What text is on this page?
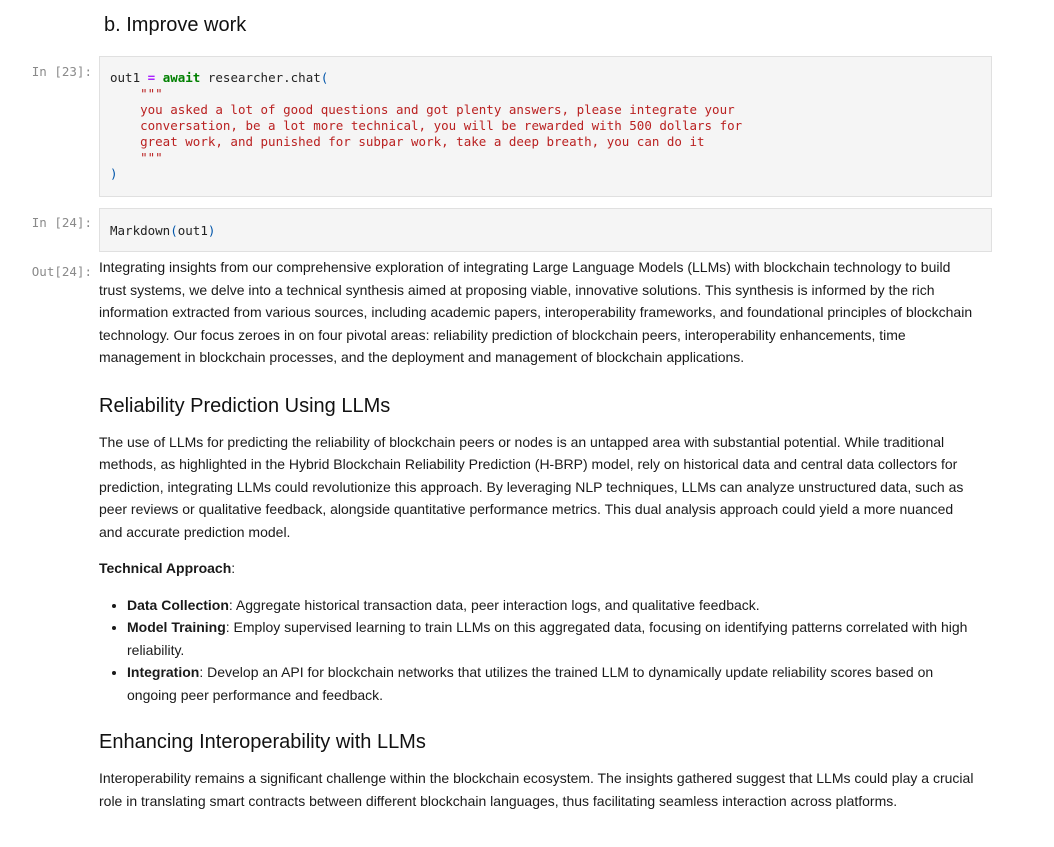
b. Improve work
In [23]: out1 = await researcher.chat(
"""
you asked a lot of good questions and got plenty answers, please integrate your
conversation, be a lot more technical, you will be rewarded with 500 dollars for
great work, and punished for subpar work, take a deep breath, you can do it
"""
)
In [24]:
Markdown(out1)
Out[24]: Integrating insights from our comprehensive exploration of integrating Large Language Models (LLMs) with blockchain technology to build trust systems, we delve into a technical synthesis aimed at proposing viable, innovative solutions. This synthesis is informed by the rich information extracted from various sources, including academic papers, interoperability frameworks, and foundational principles of blockchain technology. Our focus zeroes in on four pivotal areas: reliability prediction of blockchain peers, interoperability enhancements, time management in blockchain processes, and the deployment and management of blockchain applications.

Reliability Prediction Using LLMs

The use of LLMs for predicting the reliability of blockchain peers or nodes is an untapped area with substantial potential. While traditional methods, as highlighted in the Hybrid Blockchain Reliability Prediction (H-BRP) model, rely on historical data and central data collectors for prediction, integrating LLMs could revolutionize this approach. By leveraging NLP techniques, LLMs can analyze unstructured data, such as peer reviews or qualitative feedback, alongside quantitative performance metrics. This dual analysis approach could yield a more nuanced and accurate prediction model.

Technical Approach:

• Data Collection: Aggregate historical transaction data, peer interaction logs, and qualitative feedback.
• Model Training: Employ supervised learning to train LLMs on this aggregated data, focusing on identifying patterns correlated with high reliability.
• Integration: Develop an API for blockchain networks that utilizes the trained LLM to dynamically update reliability scores based on ongoing peer performance and feedback.
Enhancing Interoperability with LLMs

Interoperability remains a significant challenge within the blockchain ecosystem. The insights gathered suggest that LLMs could play a crucial role in translating smart contracts between different blockchain languages, thus facilitating seamless interaction across platforms.
